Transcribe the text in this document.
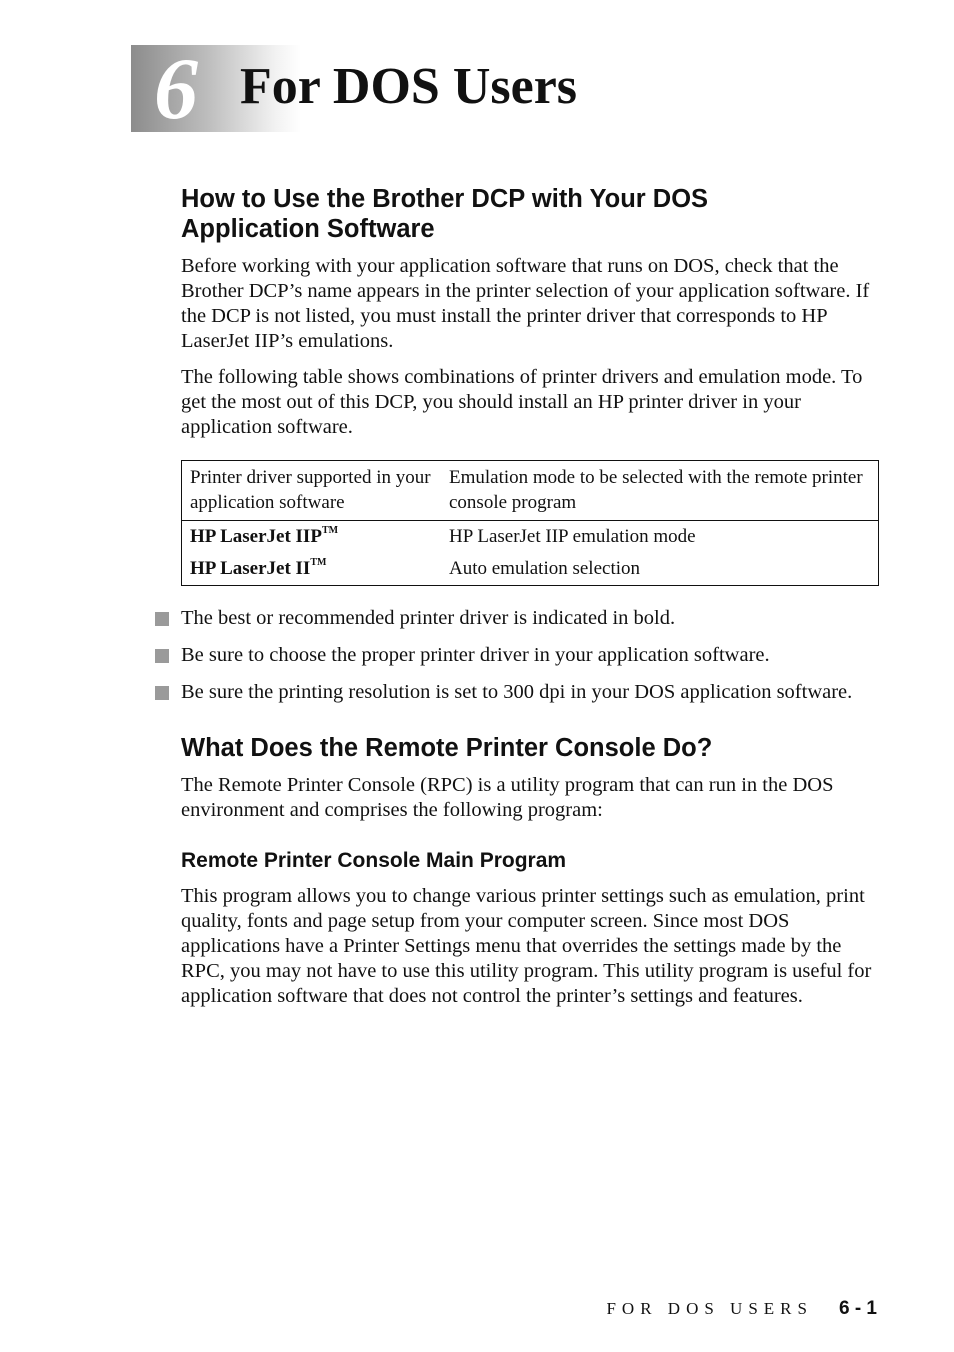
6 For DOS Users
How to Use the Brother DCP with Your DOS
Application Software

Before working with your application software that runs on DOS, check that the Brother DCP’s name appears in the printer selection of your application software. If the DCP is not listed, you must install the printer driver that corresponds to HP LaserJet IIP’s emulations.

The following table shows combinations of printer drivers and emulation mode. To get the most out of this DCP, you should install an HP printer driver in your application software.

Printer driver supported in your application software	Emulation mode to be selected with the remote printer console program
HP LaserJet IIP™	HP LaserJet IIP emulation mode
HP LaserJet II™	Auto emulation selection
The best or recommended printer driver is indicated in bold.
Be sure to choose the proper printer driver in your application software.
Be sure the printing resolution is set to 300 dpi in your DOS application software.
What Does the Remote Printer Console Do?

The Remote Printer Console (RPC) is a utility program that can run in the DOS environment and comprises the following program:

Remote Printer Console Main Program

This program allows you to change various printer settings such as emulation, print quality, fonts and page setup from your computer screen. Since most DOS applications have a Printer Settings menu that overrides the settings made by the RPC, you may not have to use this utility program. This utility program is useful for application software that does not control the printer’s settings and features.

FOR DOS USERS 6 - 1
